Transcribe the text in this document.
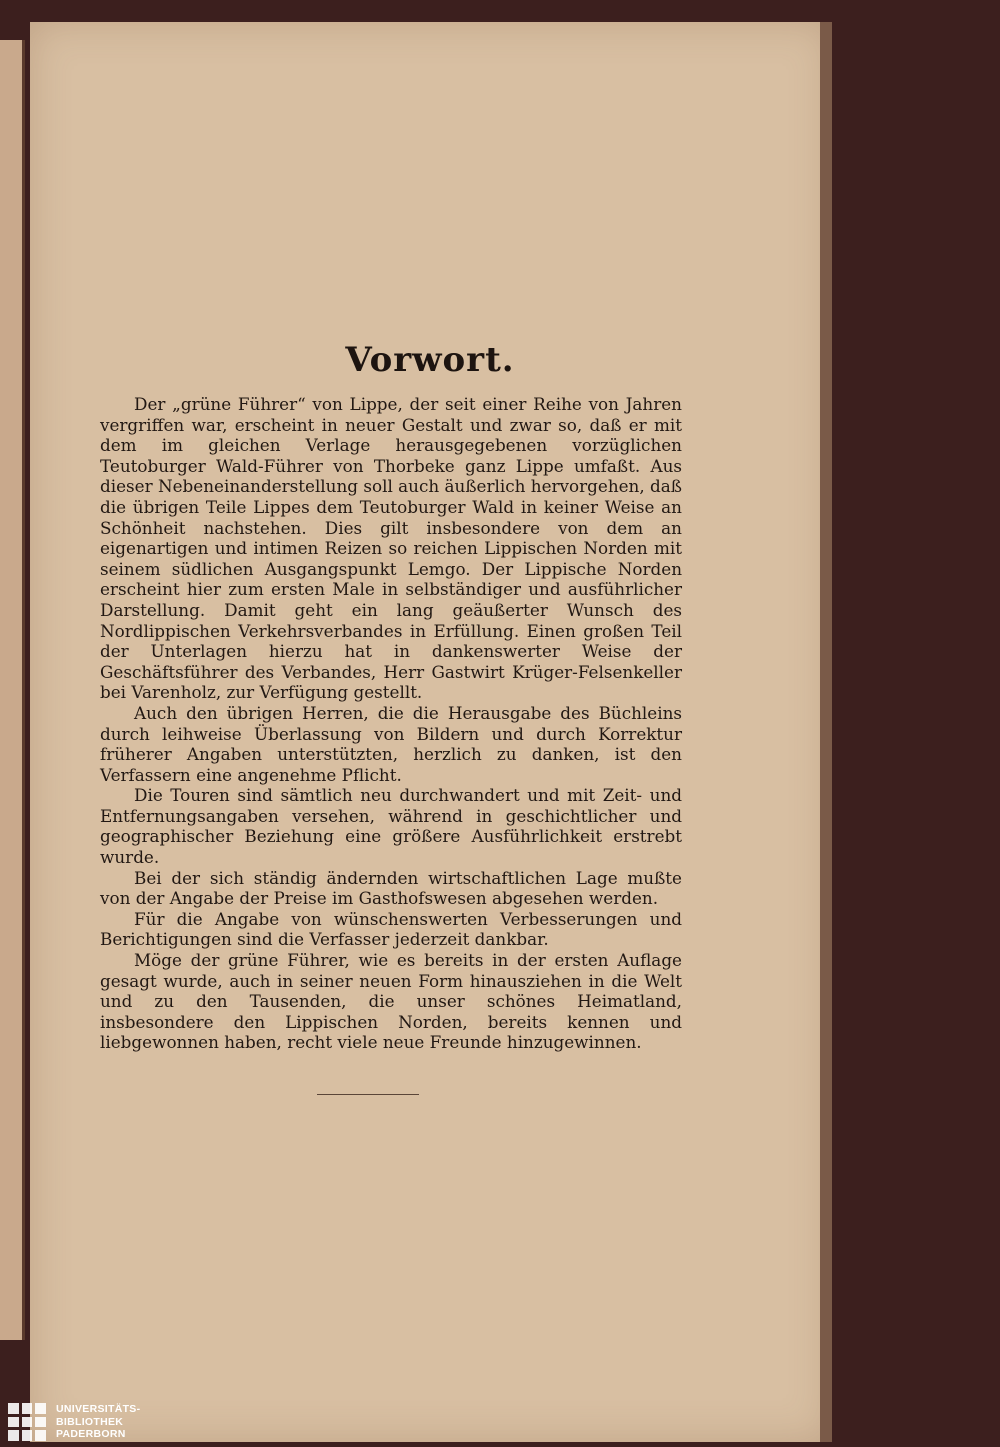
Vorwort.

Der „grüne Führer“ von Lippe, der seit einer Reihe von Jahren vergriffen war, erscheint in neuer Gestalt und zwar so, daß er mit dem im gleichen Verlage herausgegebenen vorzüglichen Teutoburger Wald-Führer von Thorbeke ganz Lippe umfaßt. Aus dieser Nebeneinanderstellung soll auch äußerlich hervorgehen, daß die übrigen Teile Lippes dem Teutoburger Wald in keiner Weise an Schönheit nachstehen. Dies gilt insbesondere von dem an eigenartigen und intimen Reizen so reichen Lippischen Norden mit seinem südlichen Ausgangspunkt Lemgo. Der Lippische Norden erscheint hier zum ersten Male in selbständiger und ausführlicher Darstellung. Damit geht ein lang geäußerter Wunsch des Nordlippischen Verkehrsverbandes in Erfüllung. Einen großen Teil der Unterlagen hierzu hat in dankenswerter Weise der Geschäftsführer des Verbandes, Herr Gastwirt Krüger-Felsenkeller bei Varenholz, zur Verfügung gestellt.

Auch den übrigen Herren, die die Herausgabe des Büchleins durch leihweise Überlassung von Bildern und durch Korrektur früherer Angaben unterstützten, herzlich zu danken, ist den Verfassern eine angenehme Pflicht.

Die Touren sind sämtlich neu durchwandert und mit Zeit- und Entfernungsangaben versehen, während in geschichtlicher und geographischer Beziehung eine größere Ausführlichkeit erstrebt wurde.

Bei der sich ständig ändernden wirtschaftlichen Lage mußte von der Angabe der Preise im Gasthofswesen abgesehen werden.

Für die Angabe von wünschenswerten Verbesserungen und Berichtigungen sind die Verfasser jederzeit dankbar.

Möge der grüne Führer, wie es bereits in der ersten Auflage gesagt wurde, auch in seiner neuen Form hinausziehen in die Welt und zu den Tausenden, die unser schönes Heimatland, insbesondere den Lippischen Norden, bereits kennen und liebgewonnen haben, recht viele neue Freunde hinzugewinnen.

UNIVERSITÄTS-
BIBLIOTHEK
PADERBORN
